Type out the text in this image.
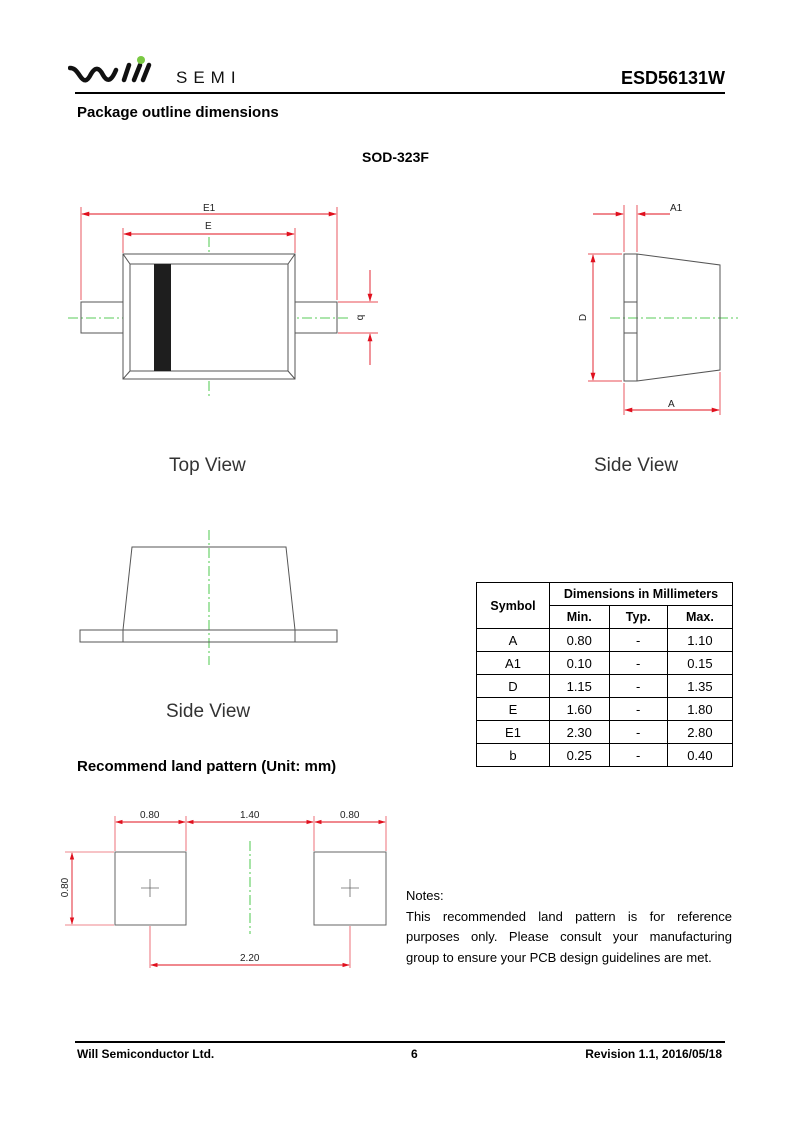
SEMI	ESD56131W
Package outline dimensions
SOD-323F
E1
E
b
A1
D
A
Top View	Side View
Side View
Symbol	Dimensions in Millimeters		
	Min.	Typ.	Max.
A	0.80	-	1.10
A1	0.10	-	0.15
D	1.15	-	1.35
E	1.60	-	1.80
E1	2.30	-	2.80
b	0.25	-	0.40
Recommend land pattern (Unit: mm)
0.80	1.40	0.80
0.80
2.20
Notes:
This recommended land pattern is for reference
purposes only. Please consult your manufacturing
group to ensure your PCB design guidelines are met.
Will Semiconductor Ltd.	6	Revision 1.1, 2016/05/18
